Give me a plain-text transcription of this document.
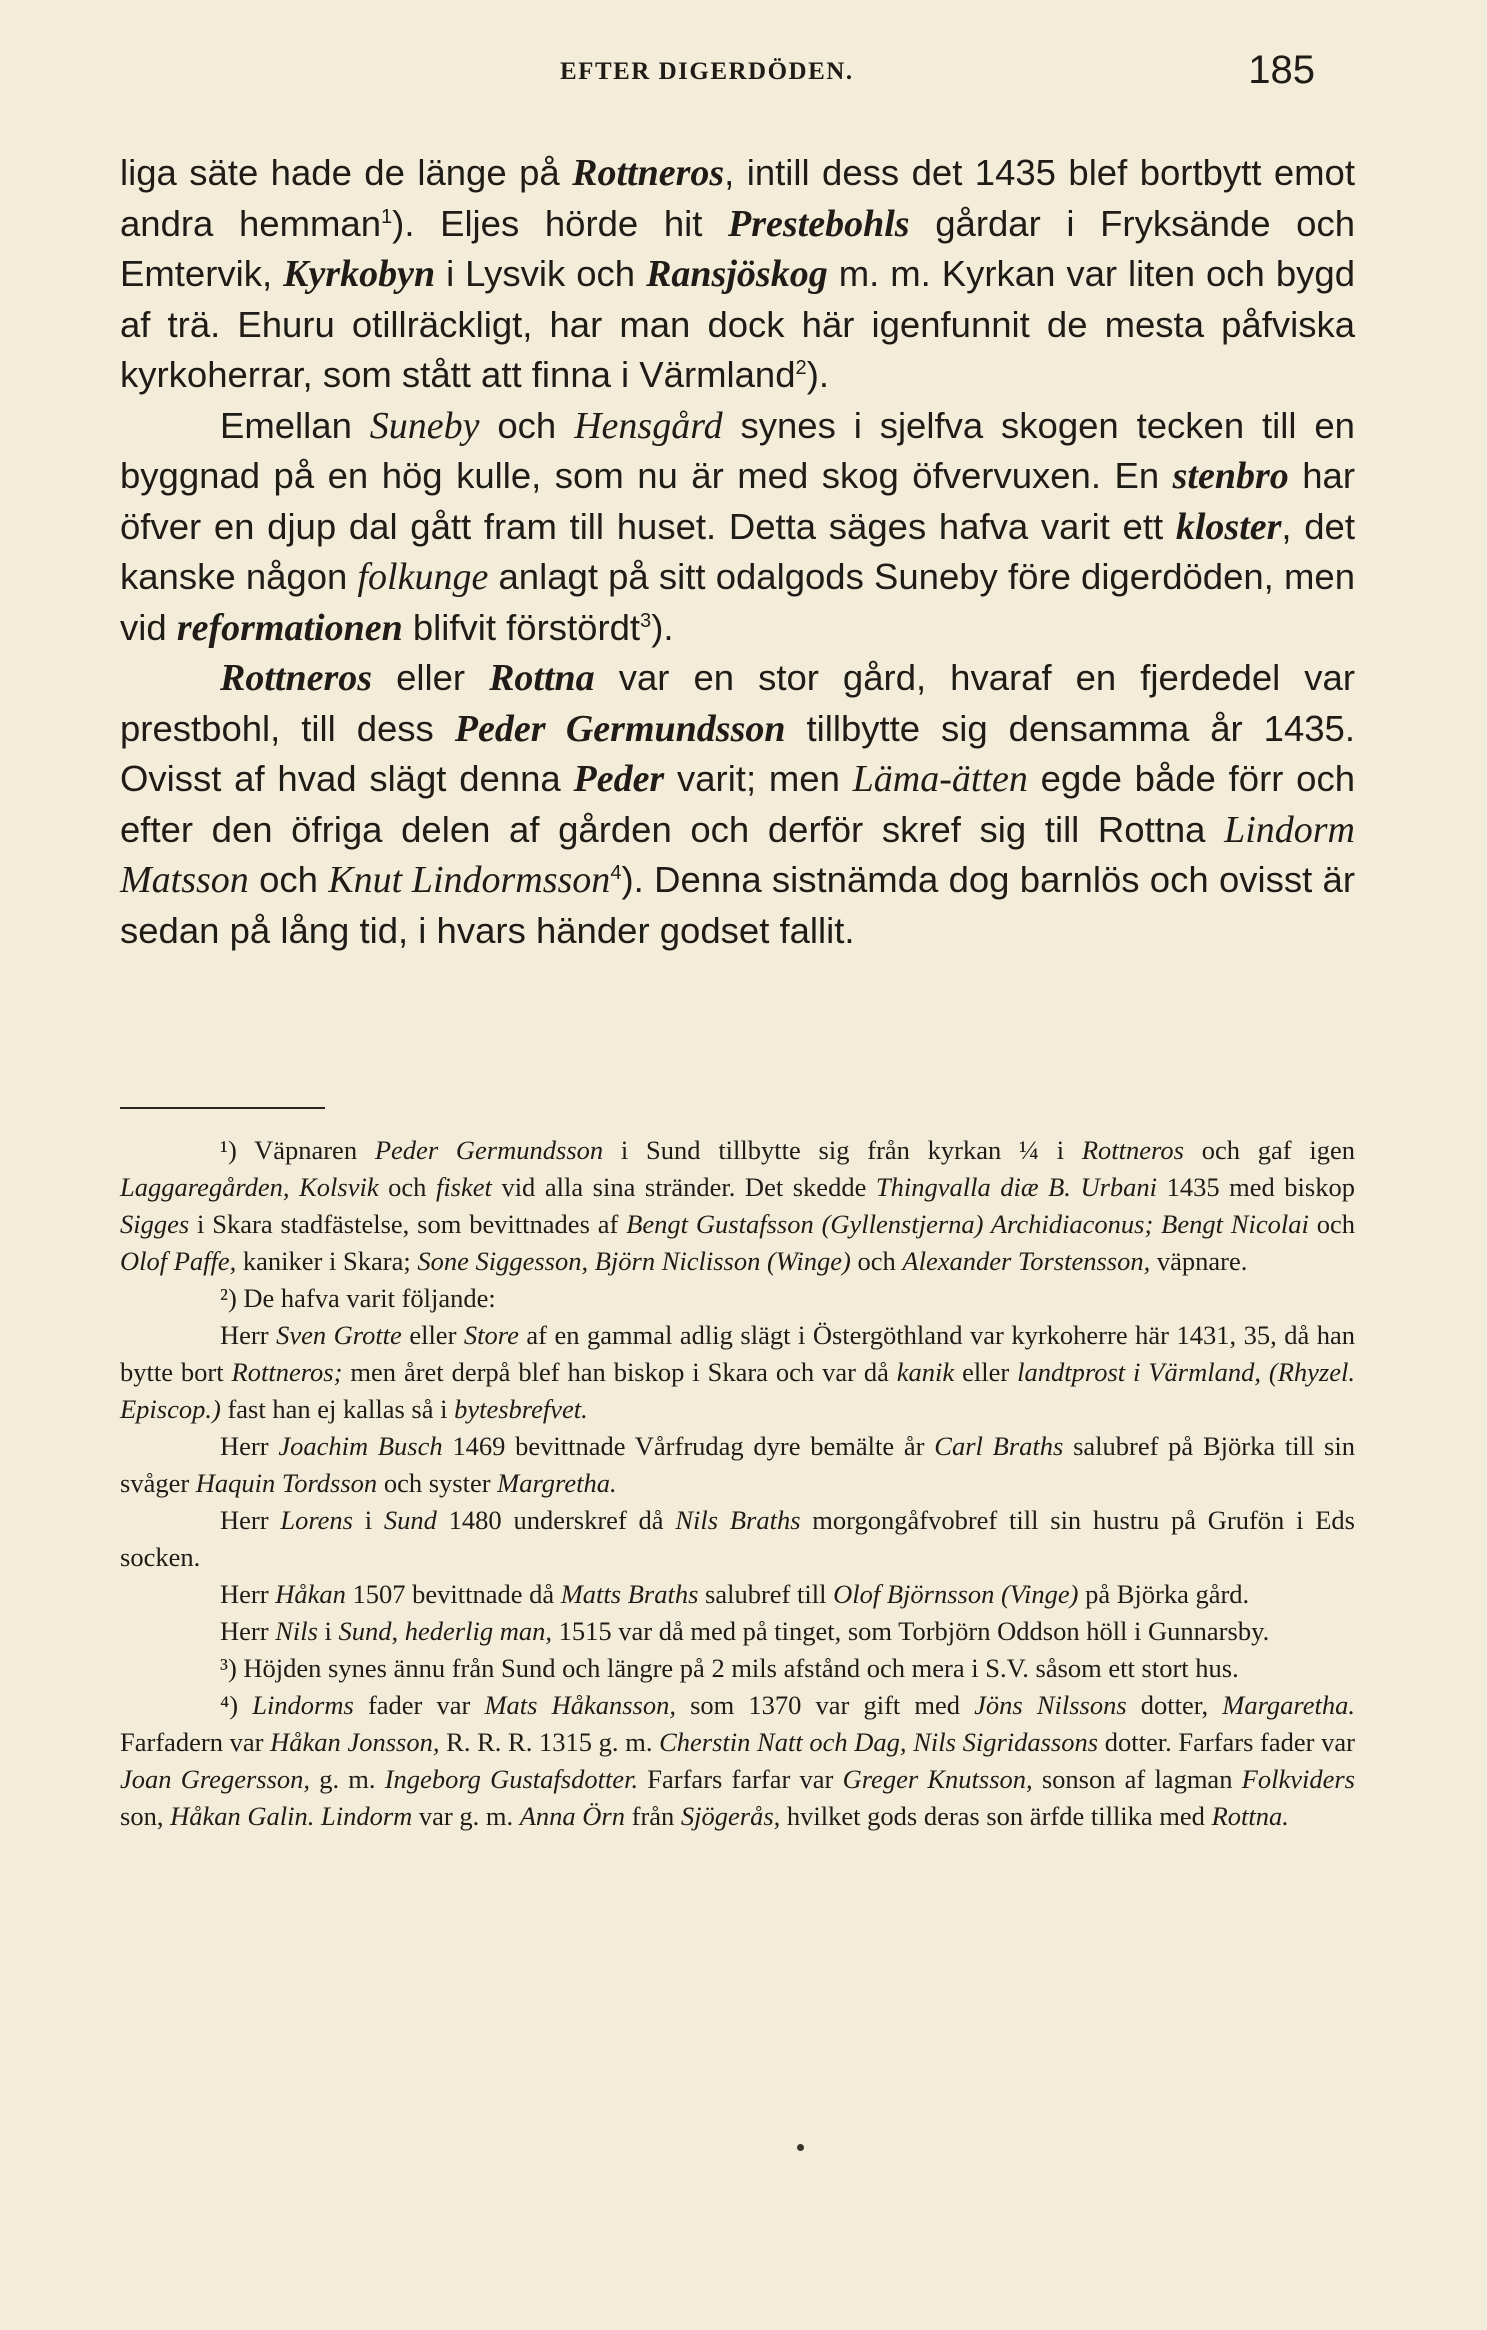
EFTER DIGERDÖDEN.	185

liga säte hade de länge på Rottneros, intill dess det 1435 blef bortbytt emot andra hemman$^1$). Eljes hörde hit Prestebohls gårdar i Fryksände och Emtervik, Kyrkobyn i Lysvik och Ransjöskog m. m. Kyrkan var liten och bygd af trä. Ehuru otillräckligt, har man dock här igenfunnit de mesta påfviska kyrkoherrar, som stått att finna i Värmland$^2$).

Emellan Suneby och Hensgård synes i sjelfva skogen tecken till en byggnad på en hög kulle, som nu är med skog öfvervuxen. En stenbro har öfver en djup dal gått fram till huset. Detta säges hafva varit ett kloster, det kanske någon folkunge anlagt på sitt odalgods Suneby före digerdöden, men vid reformationen blifvit förstördt$^3$).

Rottneros eller Rottna var en stor gård, hvaraf en fjerdedel var prestbohl, till dess Peder Germundsson tillbytte sig densamma år 1435. Ovisst af hvad slägt denna Peder varit; men Läma-ätten egde både förr och efter den öfriga delen af gården och derför skref sig till Rottna Lindorm Matsson och Knut Lindormsson$^4$). Denna sistnämda dog barnlös och ovisst är sedan på lång tid, i hvars händer godset fallit.

¹) Väpnaren Peder Germundsson i Sund tillbytte sig från kyrkan ¼ i Rottneros och gaf igen Laggaregården, Kolsvik och fisket vid alla sina stränder. Det skedde Thingvalla diæ B. Urbani 1435 med biskop Sigges i Skara stadfästelse, som bevittnades af Bengt Gustafsson (Gyllenstjerna) Archidiaconus; Bengt Nicolai och Olof Paffe, kaniker i Skara; Sone Siggesson, Björn Niclisson (Winge) och Alexander Torstensson, väpnare.

²) De hafva varit följande:

Herr Sven Grotte eller Store af en gammal adlig slägt i Östergöthland var kyrkoherre här 1431, 35, då han bytte bort Rottneros; men året derpå blef han biskop i Skara och var då kanik eller landtprost i Värmland, (Rhyzel. Episcop.) fast han ej kallas så i bytesbrefvet.

Herr Joachim Busch 1469 bevittnade Vårfrudag dyre bemälte år Carl Braths salubref på Björka till sin svåger Haquin Tordsson och syster Margretha.

Herr Lorens i Sund 1480 underskref då Nils Braths morgongåfvobref till sin hustru på Grufön i Eds socken.

Herr Håkan 1507 bevittnade då Matts Braths salubref till Olof Björnsson (Vinge) på Björka gård.

Herr Nils i Sund, hederlig man, 1515 var då med på tinget, som Torbjörn Oddson höll i Gunnarsby.

³) Höjden synes ännu från Sund och längre på 2 mils afstånd och mera i S.V. såsom ett stort hus.

⁴) Lindorms fader var Mats Håkansson, som 1370 var gift med Jöns Nilssons dotter, Margaretha. Farfadern var Håkan Jonsson, R. R. R. 1315 g. m. Cherstin Natt och Dag, Nils Sigridassons dotter. Farfars fader var Joan Gregersson, g. m. Ingeborg Gustafsdotter. Farfars farfar var Greger Knutsson, sonson af lagman Folkviders son, Håkan Galin. Lindorm var g. m. Anna Örn från Sjögerås, hvilket gods deras son ärfde tillika med Rottna.
